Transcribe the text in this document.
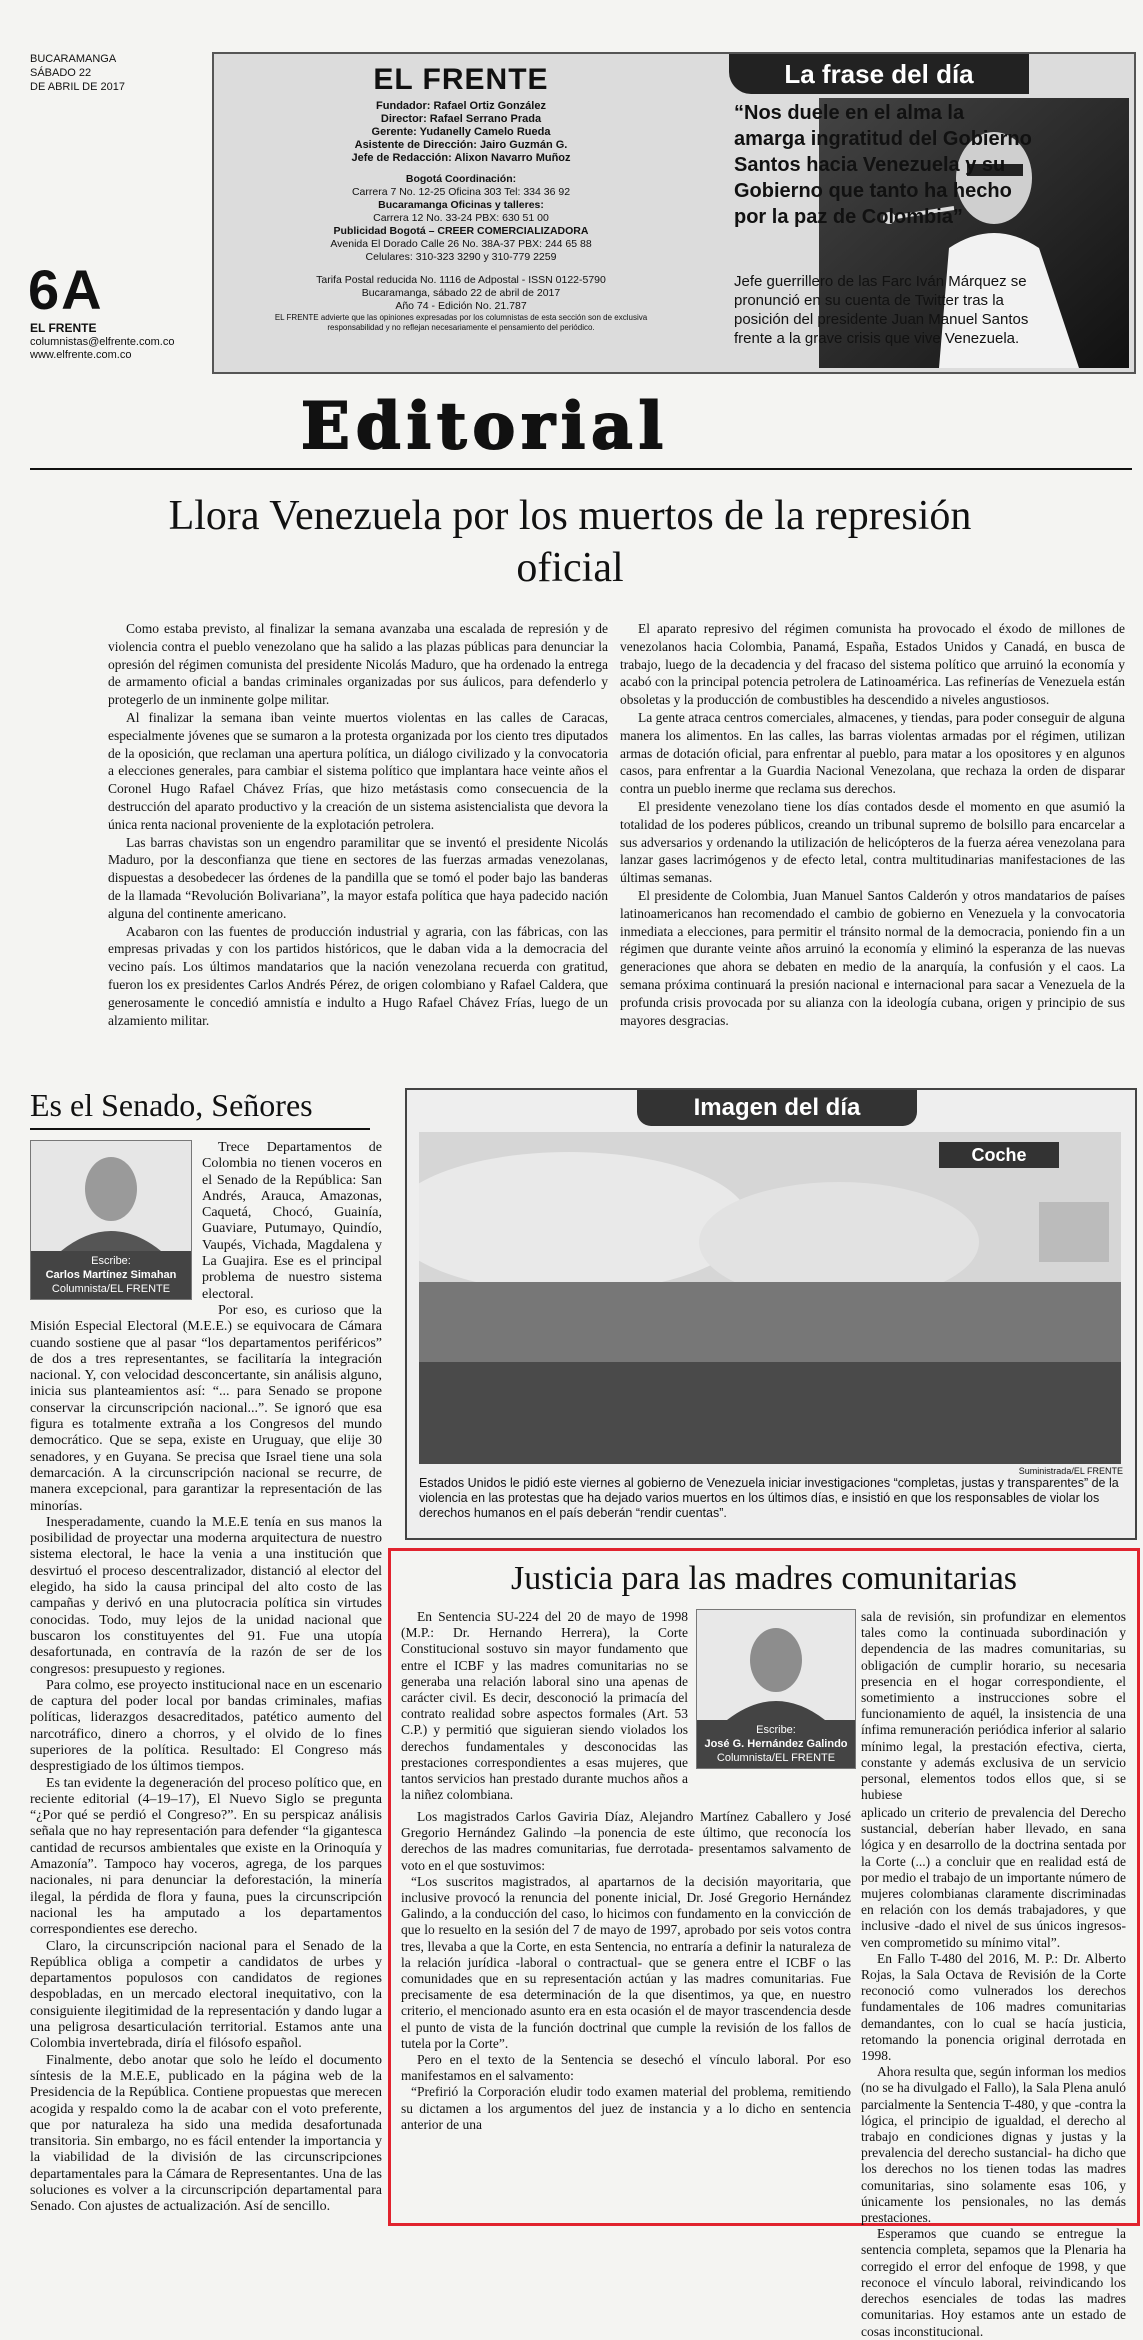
BUCARAMANGA
SÁBADO 22
DE ABRIL DE 2017
6A
EL FRENTE
columnistas@elfrente.com.co
www.elfrente.com.co
EL FRENTE
Fundador: Rafael Ortiz González
Director: Rafael Serrano Prada
Gerente: Yudanelly Camelo Rueda
Asistente de Dirección: Jairo Guzmán G.
Jefe de Redacción: Alixon Navarro Muñoz
Bogotá Coordinación:
Carrera 7 No. 12-25 Oficina 303 Tel: 334 36 92
Bucaramanga Oficinas y talleres:
Carrera 12 No. 33-24 PBX: 630 51 00
Publicidad Bogotá – CREER COMERCIALIZADORA
Avenida El Dorado Calle 26 No. 38A-37 PBX: 244 65 88
Celulares: 310-323 3290 y 310-779 2259
Tarifa Postal reducida No. 1116 de Adpostal - ISSN 0122-5790
Bucaramanga, sábado 22 de abril de 2017
Año 74 - Edición No. 21.787
EL FRENTE advierte que las opiniones expresadas por los columnistas de esta sección son de exclusiva responsabilidad y no reflejan necesariamente el pensamiento del periódico.
La frase del día
“Nos duele en el alma la amarga ingratitud del Gobierno Santos hacia Venezuela y su Gobierno que tanto ha hecho por la paz de Colombia”
Jefe guerrillero de las Farc Iván Márquez se pronunció en su cuenta de Twitter tras la posición del presidente Juan Manuel Santos frente a la grave crisis que vive Venezuela.
Editorial
Llora Venezuela por los muertos de la represión oficial

Como estaba previsto, al finalizar la semana avanzaba una escalada de represión y de violencia contra el pueblo venezolano que ha salido a las plazas públicas para denunciar la opresión del régimen comunista del presidente Nicolás Maduro, que ha ordenado la entrega de armamento oficial a bandas criminales organizadas por sus áulicos, para defenderlo y protegerlo de un inminente golpe militar.

Al finalizar la semana iban veinte muertos violentas en las calles de Caracas, especialmente jóvenes que se sumaron a la protesta organizada por los ciento tres diputados de la oposición, que reclaman una apertura política, un diálogo civilizado y la convocatoria a elecciones generales, para cambiar el sistema político que implantara hace veinte años el Coronel Hugo Rafael Chávez Frías, que hizo metástasis como consecuencia de la destrucción del aparato productivo y la creación de un sistema asistencialista que devora la única renta nacional proveniente de la explotación petrolera.

Las barras chavistas son un engendro paramilitar que se inventó el presidente Nicolás Maduro, por la desconfianza que tiene en sectores de las fuerzas armadas venezolanas, dispuestas a desobedecer las órdenes de la pandilla que se tomó el poder bajo las banderas de la llamada “Revolución Bolivariana”, la mayor estafa política que haya padecido nación alguna del continente americano.

Acabaron con las fuentes de producción industrial y agraria, con las fábricas, con las empresas privadas y con los partidos históricos, que le daban vida a la democracia del vecino país. Los últimos mandatarios que la nación venezolana recuerda con gratitud, fueron los ex presidentes Carlos Andrés Pérez, de origen colombiano y Rafael Caldera, que generosamente le concedió amnistía e indulto a Hugo Rafael Chávez Frías, luego de un alzamiento militar.

El aparato represivo del régimen comunista ha provocado el éxodo de millones de venezolanos hacia Colombia, Panamá, España, Estados Unidos y Canadá, en busca de trabajo, luego de la decadencia y del fracaso del sistema político que arruinó la economía y acabó con la principal potencia petrolera de Latinoamérica. Las refinerías de Venezuela están obsoletas y la producción de combustibles ha descendido a niveles angustiosos.

La gente atraca centros comerciales, almacenes, y tiendas, para poder conseguir de alguna manera los alimentos. En las calles, las barras violentas armadas por el régimen, utilizan armas de dotación oficial, para enfrentar al pueblo, para matar a los opositores y en algunos casos, para enfrentar a la Guardia Nacional Venezolana, que rechaza la orden de disparar contra un pueblo inerme que reclama sus derechos.

El presidente venezolano tiene los días contados desde el momento en que asumió la totalidad de los poderes públicos, creando un tribunal supremo de bolsillo para encarcelar a sus adversarios y ordenando la utilización de helicópteros de la fuerza aérea venezolana para lanzar gases lacrimógenos y de efecto letal, contra multitudinarias manifestaciones de las últimas semanas.

El presidente de Colombia, Juan Manuel Santos Calderón y otros mandatarios de países latinoamericanos han recomendado el cambio de gobierno en Venezuela y la convocatoria inmediata a elecciones, para permitir el tránsito normal de la democracia, poniendo fin a un régimen que durante veinte años arruinó la economía y eliminó la esperanza de las nuevas generaciones que ahora se debaten en medio de la anarquía, la confusión y el caos. La semana próxima continuará la presión nacional e internacional para sacar a Venezuela de la profunda crisis provocada por su alianza con la ideología cubana, origen y principio de sus mayores desgracias.

Es el Senado, Señores
Escribe:
Carlos Martínez Simahan
Columnista/EL FRENTE

Trece Departamentos de Colombia no tienen voceros en el Senado de la República: San Andrés, Arauca, Amazonas, Caquetá, Chocó, Guainía, Guaviare, Putumayo, Quindío, Vaupés, Vichada, Magdalena y La Guajira. Ese es el principal problema de nuestro sistema electoral.

Por eso, es curioso que la Misión Especial Electoral (M.E.E.) se equivocara de Cámara cuando sostiene que al pasar “los departamentos periféricos” de dos a tres representantes, se facilitaría la integración nacional. Y, con velocidad desconcertante, sin análisis alguno, inicia sus planteamientos así: “... para Senado se propone conservar la circunscripción nacional...”. Se ignoró que esa figura es totalmente extraña a los Congresos del mundo democrático. Que se sepa, existe en Uruguay, que elije 30 senadores, y en Guyana. Se precisa que Israel tiene una sola demarcación. A la circunscripción nacional se recurre, de manera excepcional, para garantizar la representación de las minorías.

Inesperadamente, cuando la M.E.E tenía en sus manos la posibilidad de proyectar una moderna arquitectura de nuestro sistema electoral, le hace la venia a una institución que desvirtuó el proceso descentralizador, distanció al elector del elegido, ha sido la causa principal del alto costo de las campañas y derivó en una plutocracia política sin virtudes conocidas. Todo, muy lejos de la unidad nacional que buscaron los constituyentes del 91. Fue una utopía desafortunada, en contravía de la razón de ser de los congresos: presupuesto y regiones.

Para colmo, ese proyecto institucional nace en un escenario de captura del poder local por bandas criminales, mafias políticas, liderazgos desacreditados, patético aumento del narcotráfico, dinero a chorros, y el olvido de lo fines superiores de la política. Resultado: El Congreso más desprestigiado de los últimos tiempos.

Es tan evidente la degeneración del proceso político que, en reciente editorial (4–19–17), El Nuevo Siglo se pregunta “¿Por qué se perdió el Congreso?”. En su perspicaz análisis señala que no hay representación para defender “la gigantesca cantidad de recursos ambientales que existe en la Orinoquía y Amazonía”. Tampoco hay voceros, agrega, de los parques nacionales, ni para denunciar la deforestación, la minería ilegal, la pérdida de flora y fauna, pues la circunscripción nacional les ha amputado a los departamentos correspondientes ese derecho.

Claro, la circunscripción nacional para el Senado de la República obliga a competir a candidatos de urbes y departamentos populosos con candidatos de regiones despobladas, en un mercado electoral inequitativo, con la consiguiente ilegitimidad de la representación y dando lugar a una peligrosa desarticulación territorial. Estamos ante una Colombia invertebrada, diría el filósofo español.

Finalmente, debo anotar que solo he leído el documento síntesis de la M.E.E, publicado en la página web de la Presidencia de la República. Contiene propuestas que merecen acogida y respaldo como la de acabar con el voto preferente, que por naturaleza ha sido una medida desafortunada transitoria. Sin embargo, no es fácil entender la importancia y la viabilidad de la división de las circunscripciones departamentales para la Cámara de Representantes. Una de las soluciones es volver a la circunscripción departamental para Senado. Con ajustes de actualización. Así de sencillo.

Imagen del día
Coche
Suministrada/EL FRENTE
Estados Unidos le pidió este viernes al gobierno de Venezuela iniciar investigaciones “completas, justas y transparentes” de la violencia en las protestas que ha dejado varios muertos en los últimos días, e insistió en que los responsables de violar los derechos humanos en el país deberán “rendir cuentas”.
Justicia para las madres comunitarias
Escribe:
José G. Hernández Galindo
Columnista/EL FRENTE

En Sentencia SU-224 del 20 de mayo de 1998 (M.P.: Dr. Hernando Herrera), la Corte Constitucional sostuvo sin mayor fundamento que entre el ICBF y las madres comunitarias no se generaba una relación laboral sino una apenas de carácter civil. Es decir, desconoció la primacía del contrato realidad sobre aspectos formales (Art. 53 C.P.) y permitió que siguieran siendo violados los derechos fundamentales y desconocidas las prestaciones correspondientes a esas mujeres, que tantos servicios han prestado durante muchos años a la niñez colombiana.

Los magistrados Carlos Gaviria Díaz, Alejandro Martínez Caballero y José Gregorio Hernández Galindo –la ponencia de este último, que reconocía los derechos de las madres comunitarias, fue derrotada- presentamos salvamento de voto en el que sostuvimos:

“Los suscritos magistrados, al apartarnos de la decisión mayoritaria, que inclusive provocó la renuncia del ponente inicial, Dr. José Gregorio Hernández Galindo, a la conducción del caso, lo hicimos con fundamento en la convicción de que lo resuelto en la sesión del 7 de mayo de 1997, aprobado por seis votos contra tres, llevaba a que la Corte, en esta Sentencia, no entraría a definir la naturaleza de la relación jurídica -laboral o contractual- que se genera entre el ICBF o las comunidades que en su representación actúan y las madres comunitarias. Fue precisamente de esa determinación de la que disentimos, ya que, en nuestro criterio, el mencionado asunto era en esta ocasión el de mayor trascendencia desde el punto de vista de la función doctrinal que cumple la revisión de los fallos de tutela por la Corte”.

Pero en el texto de la Sentencia se desechó el vínculo laboral. Por eso manifestamos en el salvamento:

“Prefirió la Corporación eludir todo examen material del problema, remitiendo su dictamen a los argumentos del juez de instancia y a lo dicho en sentencia anterior de una

sala de revisión, sin profundizar en elementos tales como la continuada subordinación y dependencia de las madres comunitarias, su obligación de cumplir horario, su necesaria presencia en el hogar correspondiente, el sometimiento a instrucciones sobre el funcionamiento de aquél, la insistencia de una ínfima remuneración periódica inferior al salario mínimo legal, la prestación efectiva, cierta, constante y además exclusiva de un servicio personal, elementos todos ellos que, si se hubiese

aplicado un criterio de prevalencia del Derecho sustancial, deberían haber llevado, en sana lógica y en desarrollo de la doctrina sentada por la Corte (...) a concluir que en realidad está de por medio el trabajo de un importante número de mujeres colombianas claramente discriminadas en relación con los demás trabajadores, y que inclusive -dado el nivel de sus únicos ingresos- ven comprometido su mínimo vital”.

En Fallo T-480 del 2016, M. P.: Dr. Alberto Rojas, la Sala Octava de Revisión de la Corte reconoció como vulnerados los derechos fundamentales de 106 madres comunitarias demandantes, con lo cual se hacía justicia, retomando la ponencia original derrotada en 1998.

Ahora resulta que, según informan los medios (no se ha divulgado el Fallo), la Sala Plena anuló parcialmente la Sentencia T-480, y que -contra la lógica, el principio de igualdad, el derecho al trabajo en condiciones dignas y justas y la prevalencia del derecho sustancial- ha dicho que los derechos no los tienen todas las madres comunitarias, sino solamente esas 106, y únicamente los pensionales, no las demás prestaciones.

Esperamos que cuando se entregue la sentencia completa, sepamos que la Plenaria ha corregido el error del enfoque de 1998, y que reconoce el vínculo laboral, reivindicando los derechos esenciales de todas las madres comunitarias. Hoy estamos ante un estado de cosas inconstitucional.
